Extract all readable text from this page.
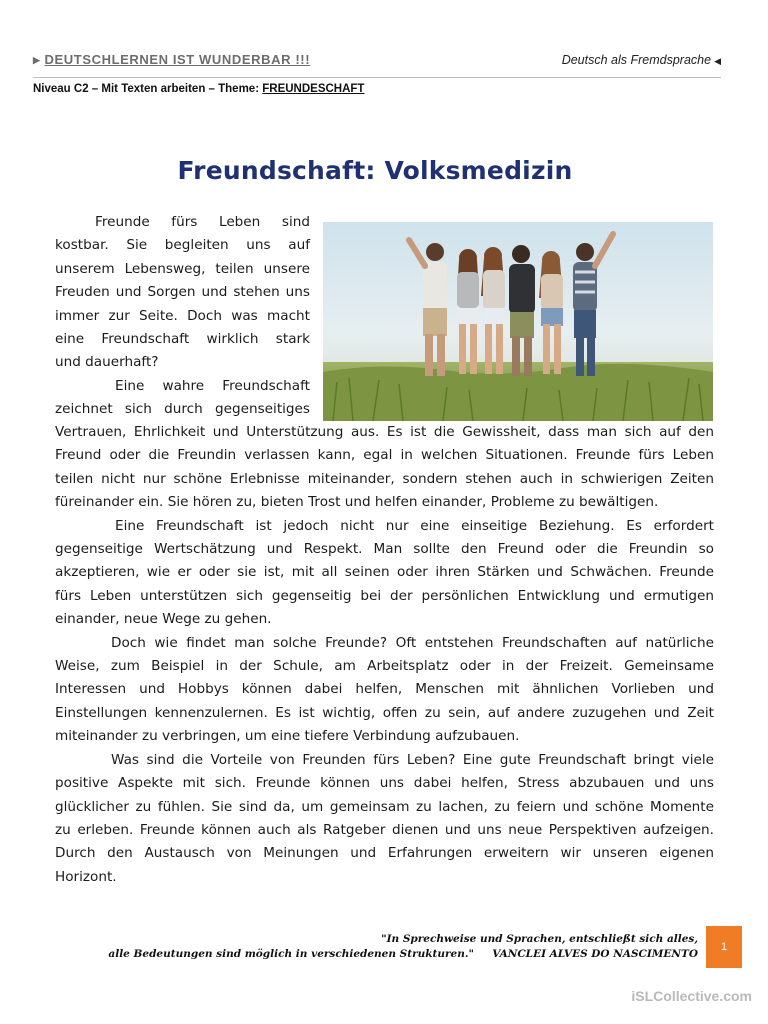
▶ DEUTSCHLERNEN IST WUNDERBAR !!!	Deutsch als Fremdsprache ◀
Niveau C2 – Mit Texten arbeiten – Theme: FREUNDESCHAFT
Freundschaft: Volksmedizin
Freunde fürs Leben sind
kostbar. Sie begleiten uns auf
unserem Lebensweg, teilen unsere
Freuden und Sorgen und stehen uns
immer zur Seite. Doch was macht
eine Freundschaft wirklich stark
und dauerhaft?
Eine wahre Freundschaft
zeichnet sich durch gegenseitiges
Vertrauen, Ehrlichkeit und Unterstützung aus. Es ist die Gewissheit, dass man sich auf den
Freund oder die Freundin verlassen kann, egal in welchen Situationen. Freunde fürs Leben
teilen nicht nur schöne Erlebnisse miteinander, sondern stehen auch in schwierigen Zeiten
füreinander ein. Sie hören zu, bieten Trost und helfen einander, Probleme zu bewältigen.
Eine Freundschaft ist jedoch nicht nur eine einseitige Beziehung. Es erfordert
gegenseitige Wertschätzung und Respekt. Man sollte den Freund oder die Freundin so
akzeptieren, wie er oder sie ist, mit all seinen oder ihren Stärken und Schwächen. Freunde
fürs Leben unterstützen sich gegenseitig bei der persönlichen Entwicklung und ermutigen
einander, neue Wege zu gehen.
Doch wie findet man solche Freunde? Oft entstehen Freundschaften auf natürliche
Weise, zum Beispiel in der Schule, am Arbeitsplatz oder in der Freizeit. Gemeinsame
Interessen und Hobbys können dabei helfen, Menschen mit ähnlichen Vorlieben und
Einstellungen kennenzulernen. Es ist wichtig, offen zu sein, auf andere zuzugehen und Zeit
miteinander zu verbringen, um eine tiefere Verbindung aufzubauen.
Was sind die Vorteile von Freunden fürs Leben? Eine gute Freundschaft bringt viele
positive Aspekte mit sich. Freunde können uns dabei helfen, Stress abzubauen und uns
glücklicher zu fühlen. Sie sind da, um gemeinsam zu lachen, zu feiern und schöne Momente
zu erleben. Freunde können auch als Ratgeber dienen und uns neue Perspektiven aufzeigen.
Durch den Austausch von Meinungen und Erfahrungen erweitern wir unseren eigenen
Horizont.
"In Sprechweise und Sprachen, entschließt sich alles,
alle Bedeutungen sind möglich in verschiedenen Strukturen." VANCLEI ALVES DO NASCIMENTO
1
iSLCollective.com
